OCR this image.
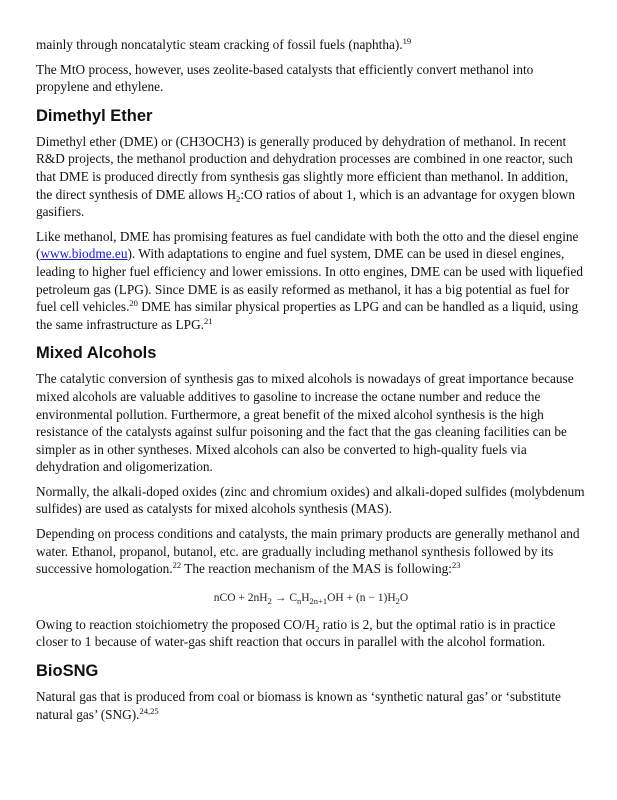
mainly through noncatalytic steam cracking of fossil fuels (naphtha).$^{19}$

The MtO process, however, uses zeolite-based catalysts that efficiently convert methanol into propylene and ethylene.

Dimethyl Ether

Dimethyl ether (DME) or (CH3OCH3) is generally produced by dehydration of methanol. In recent R&D projects, the methanol production and dehydration processes are combined in one reactor, such that DME is produced directly from synthesis gas slightly more efficient than methanol. In addition, the direct synthesis of DME allows $H_2:CO$ ratios of about 1, which is an advantage for oxygen blown gasifiers.

Like methanol, DME has promising features as fuel candidate with both the otto and the diesel engine (www.biodme.eu). With adaptations to engine and fuel system, DME can be used in diesel engines, leading to higher fuel efficiency and lower emissions. In otto engines, DME can be used with liquefied petroleum gas (LPG). Since DME is as easily reformed as methanol, it has a big potential as fuel for fuel cell vehicles.$^{20}$ DME has similar physical properties as LPG and can be handled as a liquid, using the same infrastructure as LPG.$^{21}$

Mixed Alcohols

The catalytic conversion of synthesis gas to mixed alcohols is nowadays of great importance because mixed alcohols are valuable additives to gasoline to increase the octane number and reduce the environmental pollution. Furthermore, a great benefit of the mixed alcohol synthesis is the high resistance of the catalysts against sulfur poisoning and the fact that the gas cleaning facilities can be simpler as in other syntheses. Mixed alcohols can also be converted to high-quality fuels via dehydration and oligomerization.

Normally, the alkali-doped oxides (zinc and chromium oxides) and alkali-doped sulfides (molybdenum sulfides) are used as catalysts for mixed alcohols synthesis (MAS).

Depending on process conditions and catalysts, the main primary products are generally methanol and water. Ethanol, propanol, butanol, etc. are gradually including methanol synthesis followed by its successive homologation.$^{22}$ The reaction mechanism of the MAS is following:$^{23}$

nCO + $2nH_2 \to C_nH_{2n+1}OH + (n - 1)H_2O$

Owing to reaction stoichiometry the proposed $CO/H_2$ ratio is 2, but the optimal ratio is in practice closer to 1 because of water-gas shift reaction that occurs in parallel with the alcohol formation.

BioSNG

Natural gas that is produced from coal or biomass is known as ‘synthetic natural gas’ or ‘substitute natural gas’ (SNG).$^{24,25}$
